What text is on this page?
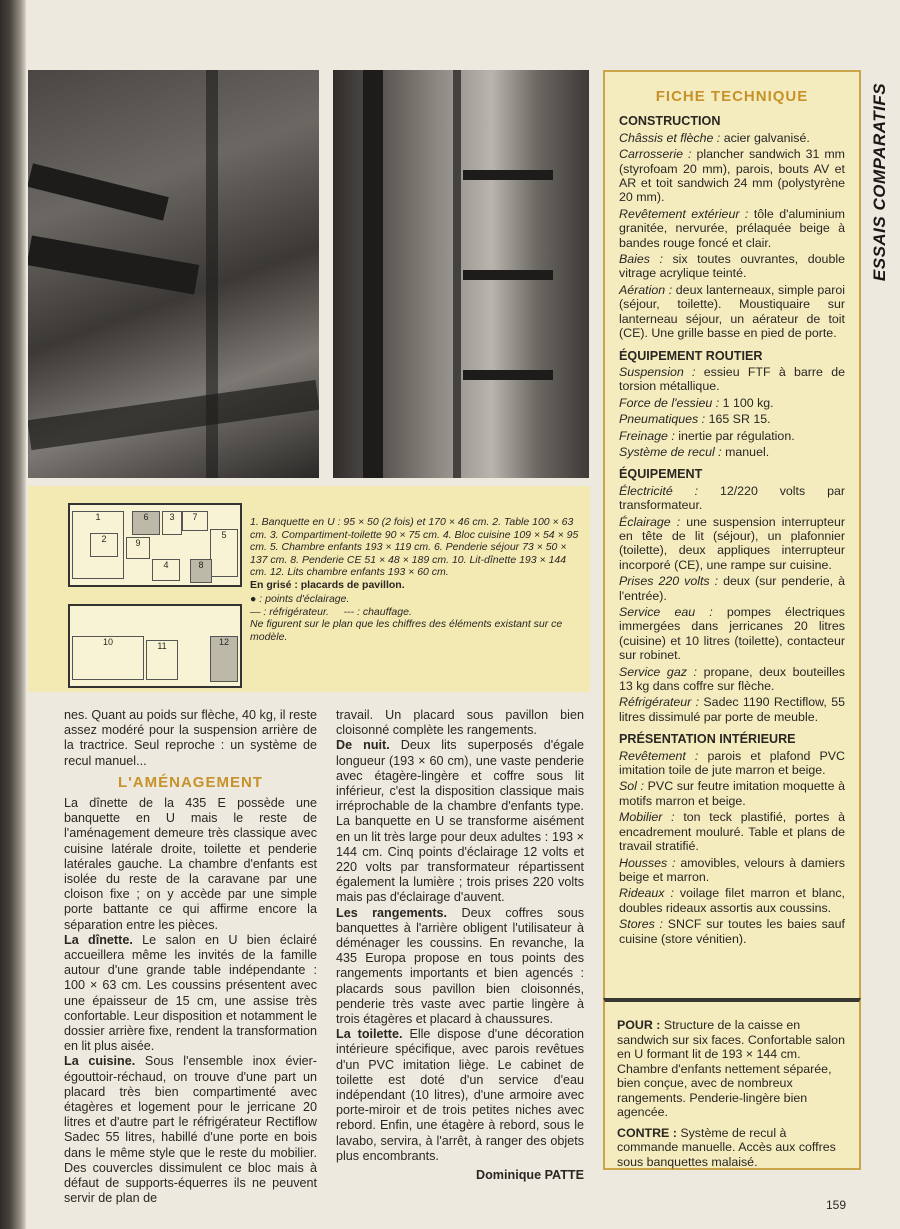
ESSAIS COMPARATIFS
1
2
3
4
5
6	7
8
9
10	11	12
1. Banquette en U : 95 × 50 (2 fois) et 170 × 46 cm. 2. Table 100 × 63 cm. 3. Compartiment-toilette 90 × 75 cm. 4. Bloc cuisine 109 × 54 × 95 cm. 5. Chambre enfants 193 × 119 cm. 6. Penderie séjour 73 × 50 × 137 cm. 8. Penderie CE 51 × 48 × 189 cm. 10. Lit-dînette 193 × 144 cm. 12. Lits chambre enfants 193 × 60 cm.
En grisé : placards de pavillon.
● : points d'éclairage.
— : réfrigérateur. --- : chauffage.
Ne figurent sur le plan que les chiffres des éléments existant sur ce modèle.

nes. Quant au poids sur flèche, 40 kg, il reste assez modéré pour la suspension arrière de la tractrice. Seul reproche : un système de recul manuel...

L'AMÉNAGEMENT

La dînette de la 435 E possède une banquette en U mais le reste de l'aménagement demeure très classique avec cuisine latérale droite, toilette et penderie latérales gauche. La chambre d'enfants est isolée du reste de la caravane par une cloison fixe ; on y accède par une simple porte battante ce qui affirme encore la séparation entre les pièces.

La dînette. Le salon en U bien éclairé accueillera même les invités de la famille autour d'une grande table indépendante : 100 × 63 cm. Les coussins présentent avec une épaisseur de 15 cm, une assise très confortable. Leur disposition et notamment le dossier arrière fixe, rendent la transformation en lit plus aisée.

La cuisine. Sous l'ensemble inox évier-égouttoir-réchaud, on trouve d'une part un placard très bien compartimenté avec étagères et logement pour le jerricane 20 litres et d'autre part le réfrigérateur Rectiflow Sadec 55 litres, habillé d'une porte en bois dans le même style que le reste du mobilier. Des couvercles dissimulent ce bloc mais à défaut de supports-équerres ils ne peuvent servir de plan de

travail. Un placard sous pavillon bien cloisonné complète les rangements.

De nuit. Deux lits superposés d'égale longueur (193 × 60 cm), une vaste penderie avec étagère-lingère et coffre sous lit inférieur, c'est la disposition classique mais irréprochable de la chambre d'enfants type. La banquette en U se transforme aisément en un lit très large pour deux adultes : 193 × 144 cm. Cinq points d'éclairage 12 volts et 220 volts par transformateur répartissent également la lumière ; trois prises 220 volts mais pas d'éclairage d'auvent.

Les rangements. Deux coffres sous banquettes à l'arrière obligent l'utilisateur à déménager les coussins. En revanche, la 435 Europa propose en tous points des rangements importants et bien agencés : placards sous pavillon bien cloisonnés, penderie très vaste avec partie lingère à trois étagères et placard à chaussures.

La toilette. Elle dispose d'une décoration intérieure spécifique, avec parois revêtues d'un PVC imitation liège. Le cabinet de toilette est doté d'un service d'eau indépendant (10 litres), d'une armoire avec porte-miroir et de trois petites niches avec rebord. Enfin, une étagère à rebord, sous le lavabo, servira, à l'arrêt, à ranger des objets plus encombrants.

Dominique PATTE
FICHE TECHNIQUE
CONSTRUCTION

Châssis et flèche : acier galvanisé.

Carrosserie : plancher sandwich 31 mm (styrofoam 20 mm), parois, bouts AV et AR et toit sandwich 24 mm (polystyrène 20 mm).

Revêtement extérieur : tôle d'aluminium granitée, nervurée, prélaquée beige à bandes rouge foncé et clair.

Baies : six toutes ouvrantes, double vitrage acrylique teinté.

Aération : deux lanterneaux, simple paroi (séjour, toilette). Moustiquaire sur lanterneau séjour, un aérateur de toit (CE). Une grille basse en pied de porte.

ÉQUIPEMENT ROUTIER

Suspension : essieu FTF à barre de torsion métallique.

Force de l'essieu : 1 100 kg.

Pneumatiques : 165 SR 15.

Freinage : inertie par régulation.

Système de recul : manuel.

ÉQUIPEMENT

Électricité : 12/220 volts par transformateur.

Éclairage : une suspension interrupteur en tête de lit (séjour), un plafonnier (toilette), deux appliques interrupteur incorporé (CE), une rampe sur cuisine.

Prises 220 volts : deux (sur penderie, à l'entrée).

Service eau : pompes électriques immergées dans jerricanes 20 litres (cuisine) et 10 litres (toilette), contacteur sur robinet.

Service gaz : propane, deux bouteilles 13 kg dans coffre sur flèche.

Réfrigérateur : Sadec 1190 Rectiflow, 55 litres dissimulé par porte de meuble.

PRÉSENTATION INTÉRIEURE

Revêtement : parois et plafond PVC imitation toile de jute marron et beige.

Sol : PVC sur feutre imitation moquette à motifs marron et beige.

Mobilier : ton teck plastifié, portes à encadrement mouluré. Table et plans de travail stratifié.

Housses : amovibles, velours à damiers beige et marron.

Rideaux : voilage filet marron et blanc, doubles rideaux assortis aux coussins.

Stores : SNCF sur toutes les baies sauf cuisine (store vénitien).

POUR : Structure de la caisse en sandwich sur six faces. Confortable salon en U formant lit de 193 × 144 cm. Chambre d'enfants nettement séparée, bien conçue, avec de nombreux rangements. Penderie-lingère bien agencée.

CONTRE : Système de recul à commande manuelle. Accès aux coffres sous banquettes malaisé.

159
